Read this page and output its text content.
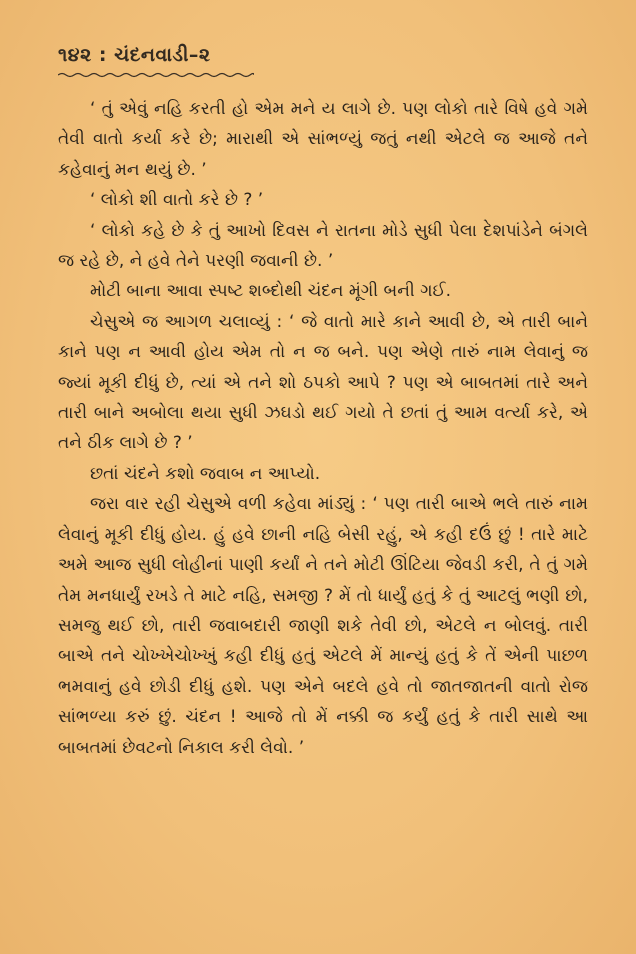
૧૪૨ : ચંદનવાડી–૨

‘ તું એવું નહિ કરતી હો એમ મને ય લાગે છે. પણ લોકો તારે વિષે હવે ગમે તેવી વાતો કર્યા કરે છે; મારાથી એ સાંભળ્યું જતું નથી એટલે જ આજે તને કહેવાનું મન થયું છે. ’

‘ લોકો શી વાતો કરે છે ? ’

‘ લોકો કહે છે કે તું આખો દિવસ ને રાતના મોડે સુધી પેલા દેશપાંડેને બંગલે જ રહે છે, ને હવે તેને પરણી જવાની છે. ’

મોટી બાના આવા સ્પષ્ટ શબ્દોથી ચંદન મૂંગી બની ગઈ.

ચેસુએ જ આગળ ચલાવ્યું : ‘ જે વાતો મારે કાને આવી છે, એ તારી બાને કાને પણ ન આવી હોય એમ તો ન જ બને. પણ એણે તારું નામ લેવાનું જ જ્યાં મૂકી દીધું છે, ત્યાં એ તને શો ઠપકો આપે ? પણ એ બાબતમાં તારે અને તારી બાને અબોલા થયા સુધી ઝઘડો થઈ ગયો તે છતાં તું આમ વર્ત્યા કરે, એ તને ઠીક લાગે છે ? ’

છતાં ચંદને કશો જવાબ ન આપ્યો.

જરા વાર રહી ચેસુએ વળી કહેવા માંડ્યું : ‘ પણ તારી બાએ ભલે તારું નામ લેવાનું મૂકી દીધું હોય. હું હવે છાની નહિ બેસી રહું, એ કહી દઉં છું ! તારે માટે અમે આજ સુધી લોહીનાં પાણી કર્યાં ને તને મોટી ઊંટિયા જેવડી કરી, તે તું ગમે તેમ મનધાર્યું રખડે તે માટે નહિ, સમજી ? મેં તો ધાર્યું હતું કે તું આટલું ભણી છો, સમજુ થઈ છો, તારી જવાબદારી જાણી શકે તેવી છો, એટલે ન બોલવું. તારી બાએ તને ચોખ્ખેચોખ્ખું કહી દીધું હતું એટલે મેં માન્યું હતું કે તેં એની પાછળ ભમવાનું હવે છોડી દીધું હશે. પણ એને બદલે હવે તો જાતજાતની વાતો રોજ સાંભળ્યા કરું છું. ચંદન ! આજે તો મેં નક્કી જ કર્યું હતું કે તારી સાથે આ બાબતમાં છેવટનો નિકાલ કરી લેવો. ’
